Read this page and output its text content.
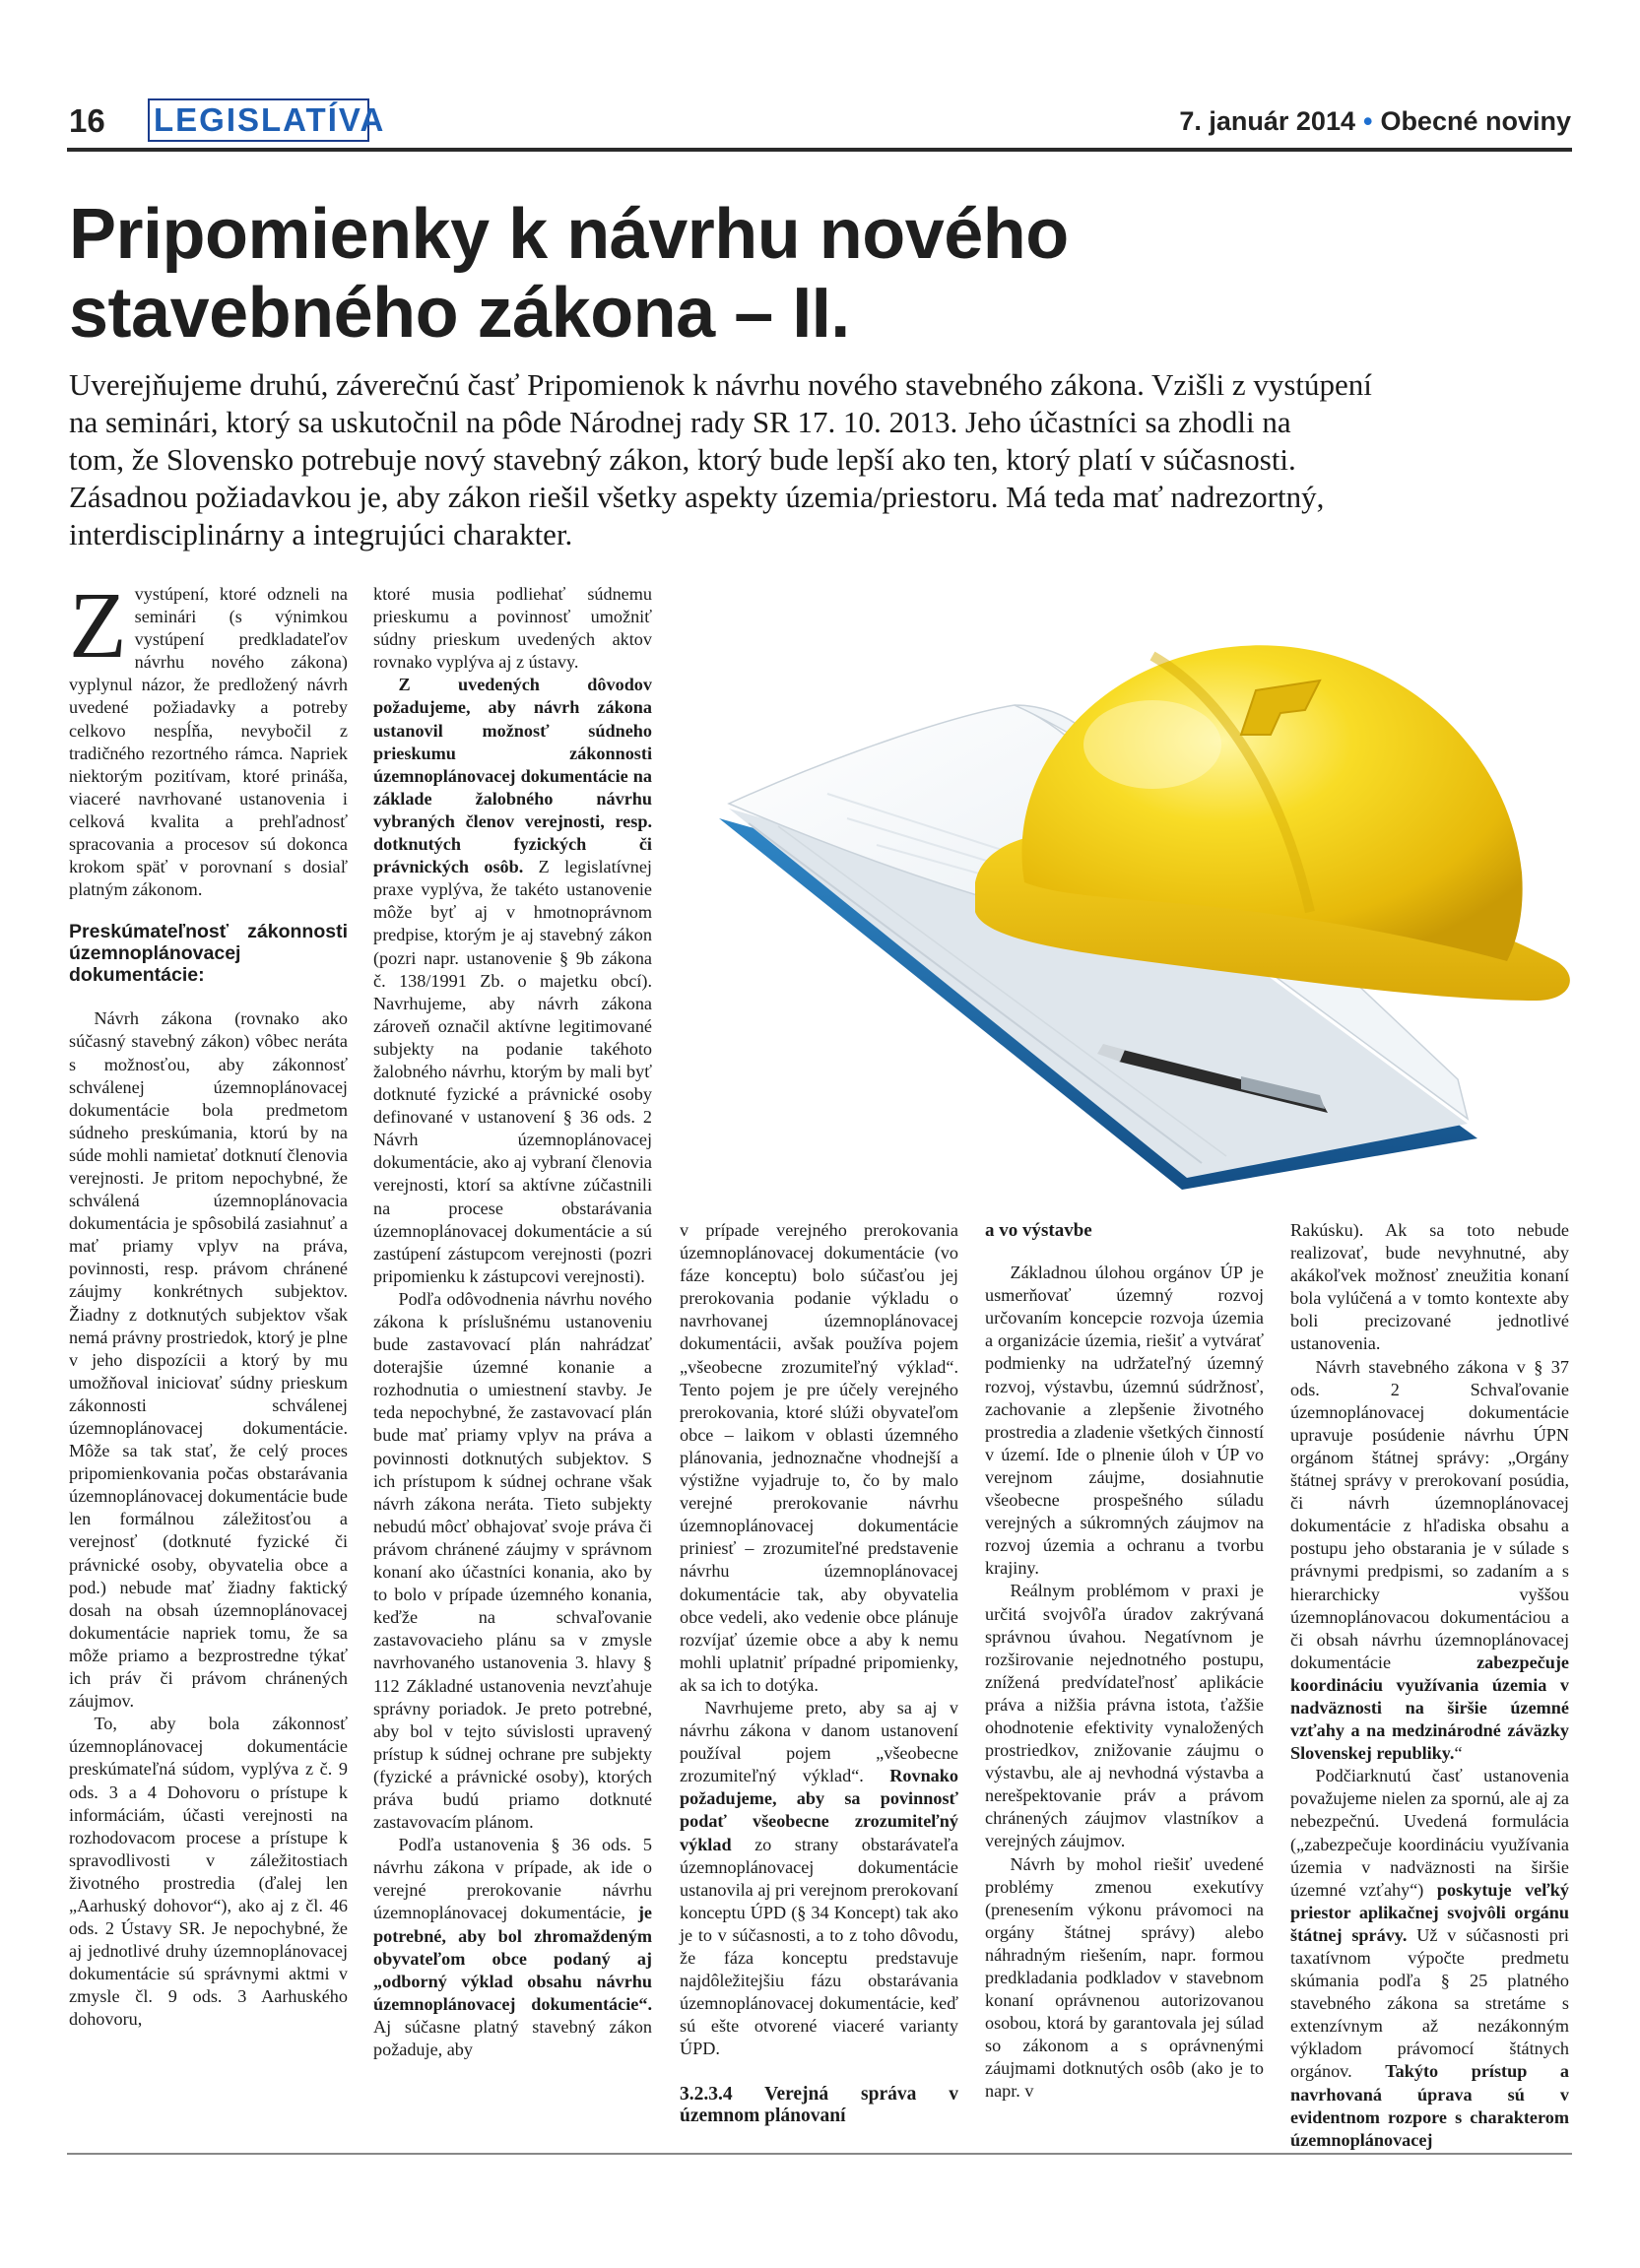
16 LEGISLATÍVA	7. január 2014 • Obecné noviny
Pripomienky k návrhu nového
stavebného zákona – II.
Uverejňujeme druhú, záverečnú časť Pripomienok k návrhu nového stavebného zákona. Vzišli z vystúpení
na seminári, ktorý sa uskutočnil na pôde Národnej rady SR 17. 10. 2013. Jeho účastníci sa zhodli na
tom, že Slovensko potrebuje nový stavebný zákon, ktorý bude lepší ako ten, ktorý platí v súčasnosti.
Zásadnou požiadavkou je, aby zákon riešil všetky aspekty územia/priestoru. Má teda mať nadrezortný,
interdisciplinárny a integrujúci charakter.

Zvystúpení, ktoré odzneli na seminári (s výnimkou vystúpení predkladateľov návrhu nového zákona) vyplynul názor, že predložený návrh uvedené požiadavky a potreby celkovo nespĺňa, nevybočil z tradičného rezortného rámca. Napriek niektorým pozitívam, ktoré prináša, viaceré navrhované ustanovenia i celková kvalita a prehľadnosť spracovania a procesov sú dokonca krokom späť v porovnaní s dosiaľ platným zákonom.

Preskúmateľnosť zákonnosti územnoplánovacej dokumentácie:

Návrh zákona (rovnako ako súčasný stavebný zákon) vôbec neráta s možnosťou, aby zákonnosť schválenej územnoplánovacej dokumentácie bola predmetom súdneho preskúmania, ktorú by na súde mohli namietať dotknutí členovia verejnosti. Je pritom nepochybné, že schválená územnoplánovacia dokumentácia je spôsobilá zasiahnuť a mať priamy vplyv na práva, povinnosti, resp. právom chránené záujmy konkrétnych subjektov. Žiadny z dotknutých subjektov však nemá právny prostriedok, ktorý je plne v jeho dispozícii a ktorý by mu umožňoval iniciovať súdny prieskum zákonnosti schválenej územnoplánovacej dokumentácie. Môže sa tak stať, že celý proces pripomienkovania počas obstarávania územnoplánovacej dokumentácie bude len formálnou záležitosťou a verejnosť (dotknuté fyzické či právnické osoby, obyvatelia obce a pod.) nebude mať žiadny faktický dosah na obsah územnoplánovacej dokumentácie napriek tomu, že sa môže priamo a bezprostredne týkať ich práv či právom chránených záujmov.

To, aby bola zákonnosť územnoplánovacej dokumentácie preskúmateľná súdom, vyplýva z č. 9 ods. 3 a 4 Dohovoru o prístupe k informáciám, účasti verejnosti na rozhodovacom procese a prístupe k spravodlivosti v záležitostiach životného prostredia (ďalej len „Aarhuský dohovor“), ako aj z čl. 46 ods. 2 Ústavy SR. Je nepochybné, že aj jednotlivé druhy územnoplánovacej dokumentácie sú správnymi aktmi v zmysle čl. 9 ods. 3 Aarhuského dohovoru,

ktoré musia podliehať súdnemu prieskumu a povinnosť umožniť súdny prieskum uvedených aktov rovnako vyplýva aj z ústavy.

Z uvedených dôvodov požadujeme, aby návrh zákona ustanovil možnosť súdneho prieskumu zákonnosti územnoplánovacej dokumentácie na základe žalobného návrhu vybraných členov verejnosti, resp. dotknutých fyzických či právnických osôb. Z legislatívnej praxe vyplýva, že takéto ustanovenie môže byť aj v hmotnoprávnom predpise, ktorým je aj stavebný zákon (pozri napr. ustanovenie § 9b zákona č. 138/1991 Zb. o majetku obcí). Navrhujeme, aby návrh zákona zároveň označil aktívne legitimované subjekty na podanie takéhoto žalobného návrhu, ktorým by mali byť dotknuté fyzické a právnické osoby definované v ustanovení § 36 ods. 2 Návrh územnoplánovacej dokumentácie, ako aj vybraní členovia verejnosti, ktorí sa aktívne zúčastnili na procese obstarávania územnoplánovacej dokumentácie a sú zastúpení zástupcom verejnosti (pozri pripomienku k zástupcovi verejnosti).

Podľa odôvodnenia návrhu nového zákona k príslušnému ustanoveniu bude zastavovací plán nahrádzať doterajšie územné konanie a rozhodnutia o umiestnení stavby. Je teda nepochybné, že zastavovací plán bude mať priamy vplyv na práva a povinnosti dotknutých subjektov. S ich prístupom k súdnej ochrane však návrh zákona neráta. Tieto subjekty nebudú môcť obhajovať svoje práva či právom chránené záujmy v správnom konaní ako účastníci konania, ako by to bolo v prípade územného konania, keďže na schvaľovanie zastavovacieho plánu sa v zmysle navrhovaného ustanovenia 3. hlavy § 112 Základné ustanovenia nevzťahuje správny poriadok. Je preto potrebné, aby bol v tejto súvislosti upravený prístup k súdnej ochrane pre subjekty (fyzické a právnické osoby), ktorých práva budú priamo dotknuté zastavovacím plánom.

Podľa ustanovenia § 36 ods. 5 návrhu zákona v prípade, ak ide o verejné prerokovanie návrhu územnoplánovacej dokumentácie, je potrebné, aby bol zhromaždeným obyvateľom obce podaný aj „odborný výklad obsahu návrhu územnoplánovacej dokumentácie“. Aj súčasne platný stavebný zákon požaduje, aby

v prípade verejného prerokovania územnoplánovacej dokumentácie (vo fáze konceptu) bolo súčasťou jej prerokovania podanie výkladu o navrhovanej územnoplánovacej dokumentácii, avšak používa pojem „všeobecne zrozumiteľný výklad“. Tento pojem je pre účely verejného prerokovania, ktoré slúži obyvateľom obce – laikom v oblasti územného plánovania, jednoznačne vhodnejší a výstižne vyjadruje to, čo by malo verejné prerokovanie návrhu územnoplánovacej dokumentácie priniesť – zrozumiteľné predstavenie návrhu územnoplánovacej dokumentácie tak, aby obyvatelia obce vedeli, ako vedenie obce plánuje rozvíjať územie obce a aby k nemu mohli uplatniť prípadné pripomienky, ak sa ich to dotýka.

Navrhujeme preto, aby sa aj v návrhu zákona v danom ustanovení používal pojem „všeobecne zrozumiteľný výklad“. Rovnako požadujeme, aby sa povinnosť podať všeobecne zrozumiteľný výklad zo strany obstarávateľa územnoplánovacej dokumentácie ustanovila aj pri verejnom prerokovaní konceptu ÚPD (§ 34 Koncept) tak ako je to v súčasnosti, a to z toho dôvodu, že fáza konceptu predstavuje najdôležitejšiu fázu obstarávania územnoplánovacej dokumentácie, keď sú ešte otvorené viaceré varianty ÚPD.

3.2.3.4 Verejná správa v územnom plánovaní

a vo výstavbe

Základnou úlohou orgánov ÚP je usmerňovať územný rozvoj určovaním koncepcie rozvoja územia a organizácie územia, riešiť a vytvárať podmienky na udržateľný územný rozvoj, výstavbu, územnú súdržnosť, zachovanie a zlepšenie životného prostredia a zladenie všetkých činností v území. Ide o plnenie úloh v ÚP vo verejnom záujme, dosiahnutie všeobecne prospešného súladu verejných a súkromných záujmov na rozvoj územia a ochranu a tvorbu krajiny.

Reálnym problémom v praxi je určitá svojvôľa úradov zakrývaná správnou úvahou. Negatívnom je rozširovanie nejednotného postupu, znížená predvídateľnosť aplikácie práva a nižšia právna istota, ťažšie ohodnotenie efektivity vynaložených prostriedkov, znižovanie záujmu o výstavbu, ale aj nevhodná výstavba a nerešpektovanie práv a právom chránených záujmov vlastníkov a verejných záujmov.

Návrh by mohol riešiť uvedené problémy zmenou exekutívy (prenesením výkonu právomoci na orgány štátnej správy) alebo náhradným riešením, napr. formou predkladania podkladov v stavebnom konaní oprávnenou autorizovanou osobou, ktorá by garantovala jej súlad so zákonom a s oprávnenými záujmami dotknutých osôb (ako je to napr. v

Rakúsku). Ak sa toto nebude realizovať, bude nevyhnutné, aby akákoľvek možnosť zneužitia konaní bola vylúčená a v tomto kontexte aby boli precizované jednotlivé ustanovenia.

Návrh stavebného zákona v § 37 ods. 2 Schvaľovanie územnoplánovacej dokumentácie upravuje posúdenie návrhu ÚPN orgánom štátnej správy: „Orgány štátnej správy v prerokovaní posúdia, či návrh územnoplánovacej dokumentácie z hľadiska obsahu a postupu jeho obstarania je v súlade s právnymi predpismi, so zadaním a s hierarchicky vyššou územnoplánovacou dokumentáciou a či obsah návrhu územnoplánovacej dokumentácie zabezpečuje koordináciu využívania územia v nadväznosti na širšie územné vzťahy a na medzinárodné záväzky Slovenskej republiky.“

Podčiarknutú časť ustanovenia považujeme nielen za spornú, ale aj za nebezpečnú. Uvedená formulácia („zabezpečuje koordináciu využívania územia v nadväznosti na širšie územné vzťahy“) poskytuje veľký priestor aplikačnej svojvôli orgánu štátnej správy. Už v súčasnosti pri taxatívnom výpočte predmetu skúmania podľa § 25 platného stavebného zákona sa stretáme s extenzívnym až nezákonným výkladom právomocí štátnych orgánov. Takýto prístup a navrhovaná úprava sú v evidentnom rozpore s charakterom územnoplánovacej
